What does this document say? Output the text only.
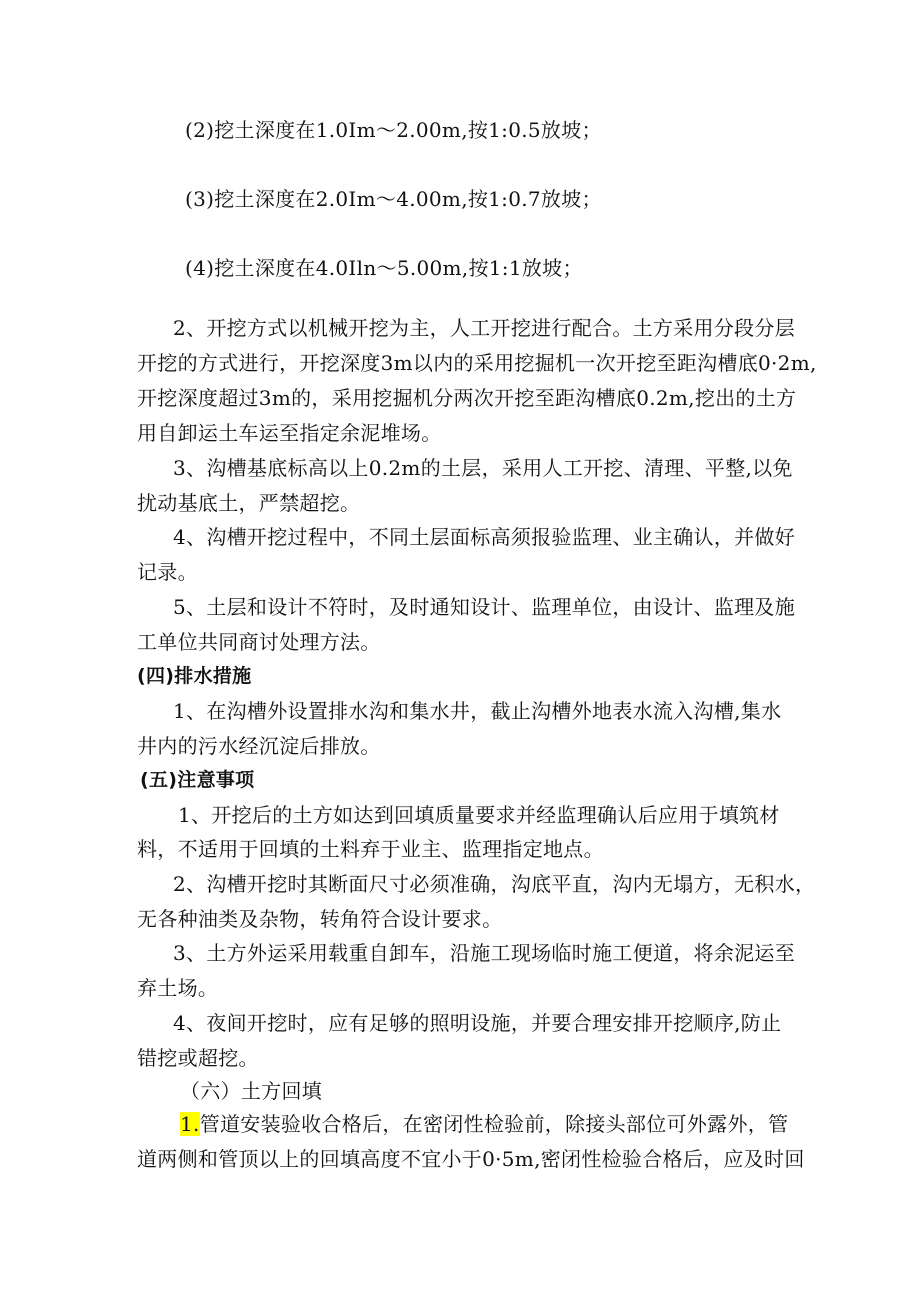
(2)挖土深度在1.0Im～2.00m,按1:0.5放坡；
(3)挖土深度在2.0Im～4.00m,按1:0.7放坡；
(4)挖土深度在4.0Iln～5.00m,按1:1放坡；
2、开挖方式以机械开挖为主，人工开挖进行配合。土方采用分段分层
开挖的方式进行，开挖深度3m以内的采用挖掘机一次开挖至距沟槽底0·2m,
开挖深度超过3m的，采用挖掘机分两次开挖至距沟槽底0.2m,挖出的土方
用自卸运土车运至指定余泥堆场。
3、沟槽基底标高以上0.2m的土层，采用人工开挖、清理、平整,以免
扰动基底土，严禁超挖。
4、沟槽开挖过程中，不同土层面标高须报验监理、业主确认，并做好
记录。
5、土层和设计不符时，及时通知设计、监理单位，由设计、监理及施
工单位共同商讨处理方法。
(四)排水措施
1、在沟槽外设置排水沟和集水井，截止沟槽外地表水流入沟槽,集水
井内的污水经沉淀后排放。
(五)注意事项
1、开挖后的土方如达到回填质量要求并经监理确认后应用于填筑材
料，不适用于回填的土料弃于业主、监理指定地点。
2、沟槽开挖时其断面尺寸必须准确，沟底平直，沟内无塌方，无积水，
无各种油类及杂物，转角符合设计要求。
3、土方外运采用载重自卸车，沿施工现场临时施工便道，将余泥运至
弃土场。
4、夜间开挖时，应有足够的照明设施，并要合理安排开挖顺序,防止
错挖或超挖。
（六）土方回填
1.管道安装验收合格后，在密闭性检验前，除接头部位可外露外，管
道两侧和管顶以上的回填高度不宜小于0·5m,密闭性检验合格后，应及时回
